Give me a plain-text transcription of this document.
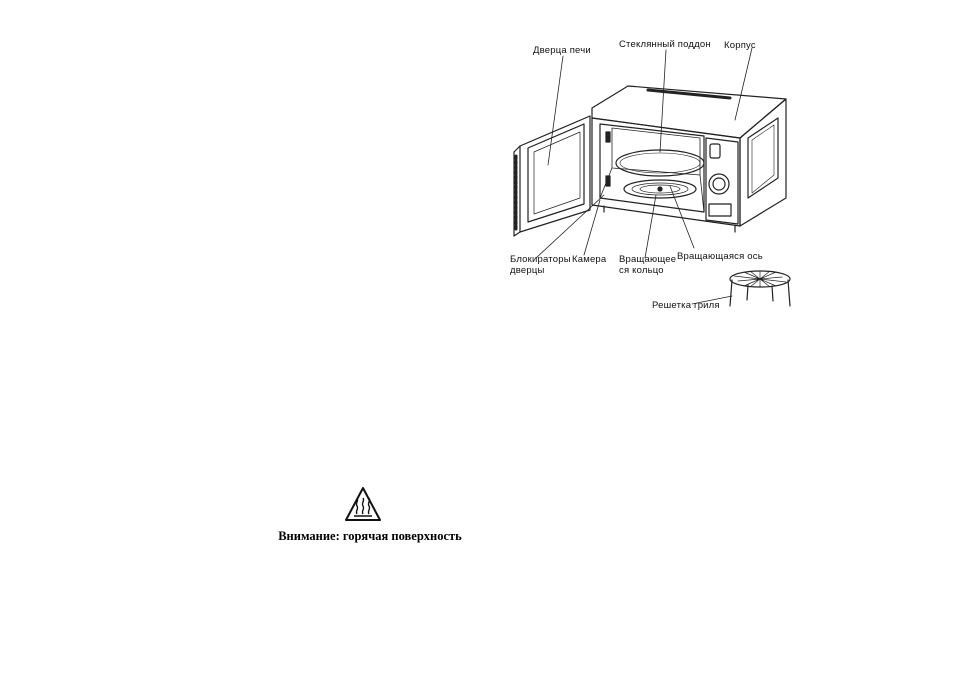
Дверца печи
Стеклянный поддон Корпус
Блокираторы
дверцы
Камера Вращающее
ся кольцо
Вращающаяся ось
Решетка гриля
Внимание: горячая поверхность
